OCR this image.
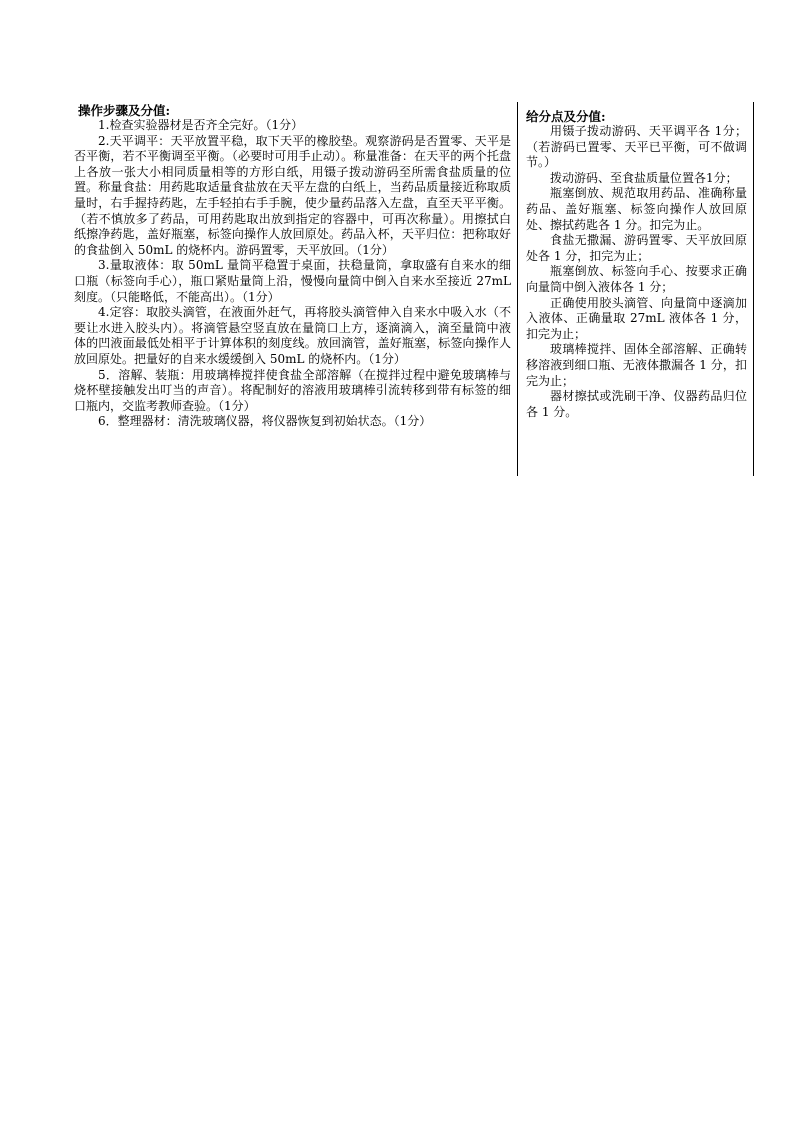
操作步骤及分值:

1.检查实验器材是否齐全完好。（1分）

2.天平调平：天平放置平稳，取下天平的橡胶垫。观察游码是否置零、天平是否平衡，若不平衡调至平衡。（必要时可用手止动）。称量准备：在天平的两个托盘上各放一张大小相同质量相等的方形白纸，用镊子拨动游码至所需食盐质量的位置。称量食盐：用药匙取适量食盐放在天平左盘的白纸上，当药品质量接近称取质量时，右手握持药匙，左手轻拍右手手腕，使少量药品落入左盘，直至天平平衡。（若不慎放多了药品，可用药匙取出放到指定的容器中，可再次称量）。用擦拭白纸擦净药匙，盖好瓶塞，标签向操作人放回原处。药品入杯，天平归位：把称取好的食盐倒入 50mL 的烧杯内。游码置零，天平放回。（1分）

3.量取液体：取 50mL 量筒平稳置于桌面，扶稳量筒，拿取盛有自来水的细口瓶（标签向手心），瓶口紧贴量筒上沿，慢慢向量筒中倒入自来水至接近 27mL 刻度。（只能略低，不能高出）。（1分）

4.定容：取胶头滴管，在液面外赶气，再将胶头滴管伸入自来水中吸入水（不要让水进入胶头内）。将滴管悬空竖直放在量筒口上方，逐滴滴入，滴至量筒中液体的凹液面最低处相平于计算体积的刻度线。放回滴管，盖好瓶塞，标签向操作人放回原处。把量好的自来水缓缓倒入 50mL 的烧杯内。（1分）

5．溶解、装瓶：用玻璃棒搅拌使食盐全部溶解（在搅拌过程中避免玻璃棒与烧杯壁接触发出叮当的声音）。将配制好的溶液用玻璃棒引流转移到带有标签的细口瓶内，交监考教师查验。（1分）

6．整理器材：清洗玻璃仪器，将仪器恢复到初始状态。（1分）

给分点及分值:

用镊子拨动游码、天平调平各 1分；（若游码已置零、天平已平衡，可不做调节。）

拨动游码、至食盐质量位置各1分；

瓶塞倒放、规范取用药品、准确称量药品、盖好瓶塞、标签向操作人放回原处、擦拭药匙各 1 分。扣完为止。

食盐无撒漏、游码置零、天平放回原处各 1 分，扣完为止；

瓶塞倒放、标签向手心、按要求正确向量筒中倒入液体各 1 分；

正确使用胶头滴管、向量筒中逐滴加入液体、正确量取 27mL 液体各 1 分，扣完为止；

玻璃棒搅拌、固体全部溶解、正确转移溶液到细口瓶、无液体撒漏各 1 分，扣完为止；

器材擦拭或洗刷干净、仪器药品归位各 1 分。
